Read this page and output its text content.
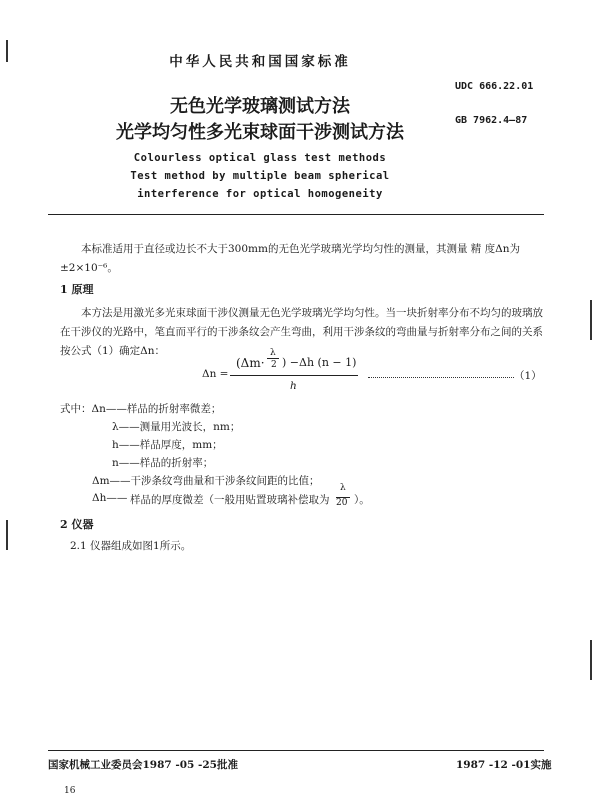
中华人民共和国国家标准
UDC 666.22.01
GB 7962.4—87
无色光学玻璃测试方法
光学均匀性多光束球面干涉测试方法
Colourless optical glass test methods
Test method by multiple beam spherical
interference for optical homogeneity
本标准适用于直径或边长不大于300mm的无色光学玻璃光学均匀性的测量，其测量 精 度Δn为±2×10⁻⁶。
1 原理
本方法是用激光多光束球面干涉仪测量无色光学玻璃光学均匀性。当一块折射率分布不均匀的玻璃放在干涉仪的光路中，笔直而平行的干涉条纹会产生弯曲，利用干涉条纹的弯曲量与折射率分布之间的关系按公式（1）确定Δn：
Δn =
(Δm·
λ
2 ) −Δh (n − 1)
h
（1）
式中：Δn——样品的折射率微差；
λ——测量用光波长，nm；
h——样品厚度，mm；
n——样品的折射率；
Δm——干涉条纹弯曲量和干涉条纹间距的比值；
Δh—— 样品的厚度微差（一般用贴置玻璃补偿取为
λ
20 ）。
2 仪器
2.1 仪器组成如图1所示。
国家机械工业委员会1987 -05 -25批准	1987 -12 -01实施
16
